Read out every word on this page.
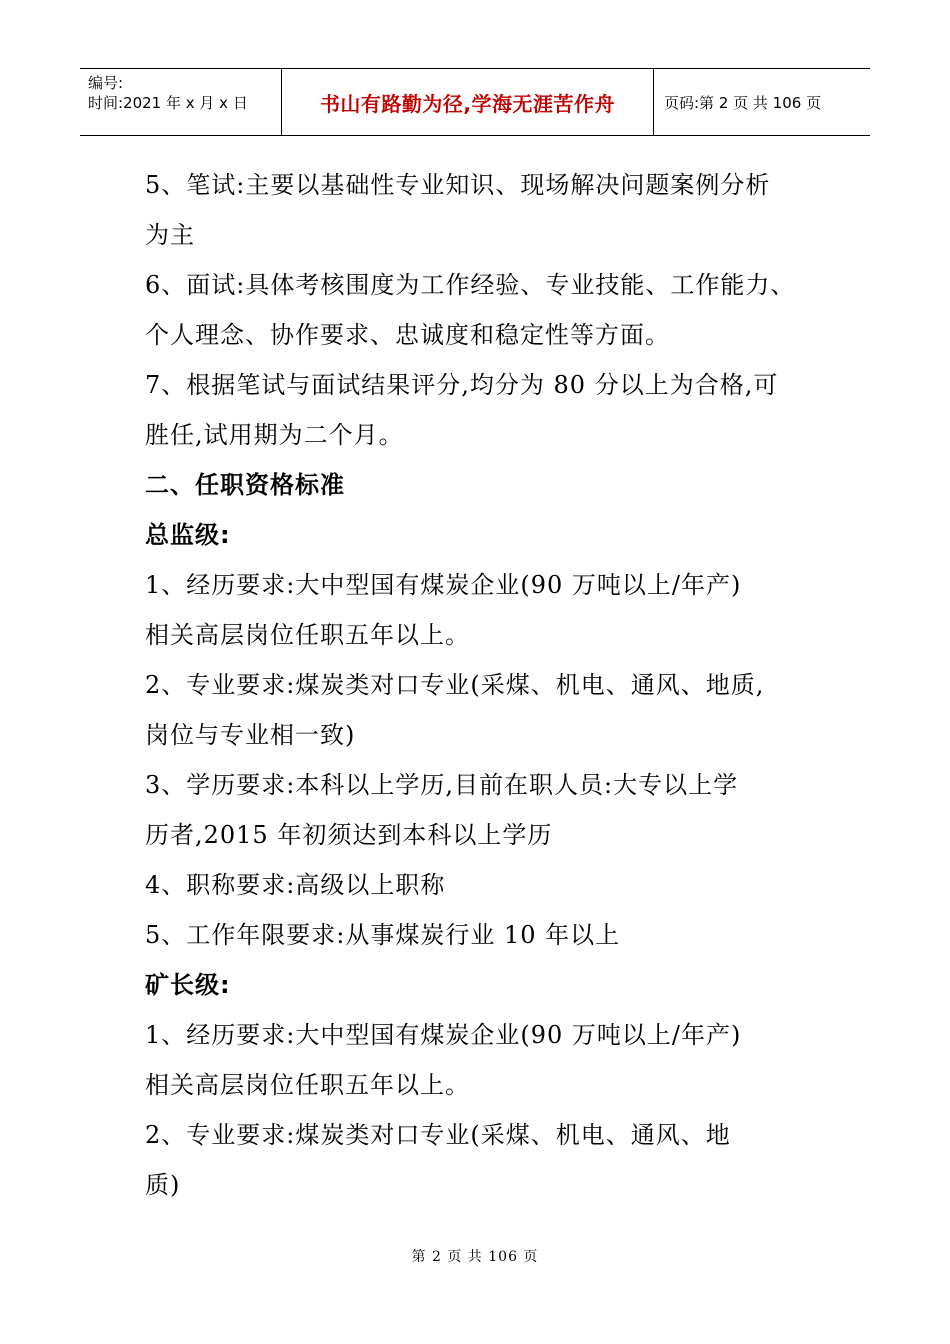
编号:
时间:2021 年 x 月 x 日	书山有路勤为径,学海无涯苦作舟	页码:第 2 页 共 106 页
5、笔试:主要以基础性专业知识、现场解决问题案例分析
为主
6、面试:具体考核围度为工作经验、专业技能、工作能力、
个人理念、协作要求、忠诚度和稳定性等方面。
7、根据笔试与面试结果评分,均分为 80 分以上为合格,可
胜任,试用期为二个月。
二、任职资格标准
总监级:
1、经历要求:大中型国有煤炭企业(90 万吨以上/年产)
相关高层岗位任职五年以上。
2、专业要求:煤炭类对口专业(采煤、机电、通风、地质,
岗位与专业相一致)
3、学历要求:本科以上学历,目前在职人员:大专以上学
历者,2015 年初须达到本科以上学历
4、职称要求:高级以上职称
5、工作年限要求:从事煤炭行业 10 年以上
矿长级:
1、经历要求:大中型国有煤炭企业(90 万吨以上/年产)
相关高层岗位任职五年以上。
2、专业要求:煤炭类对口专业(采煤、机电、通风、地
质)
第 2 页 共 106 页
